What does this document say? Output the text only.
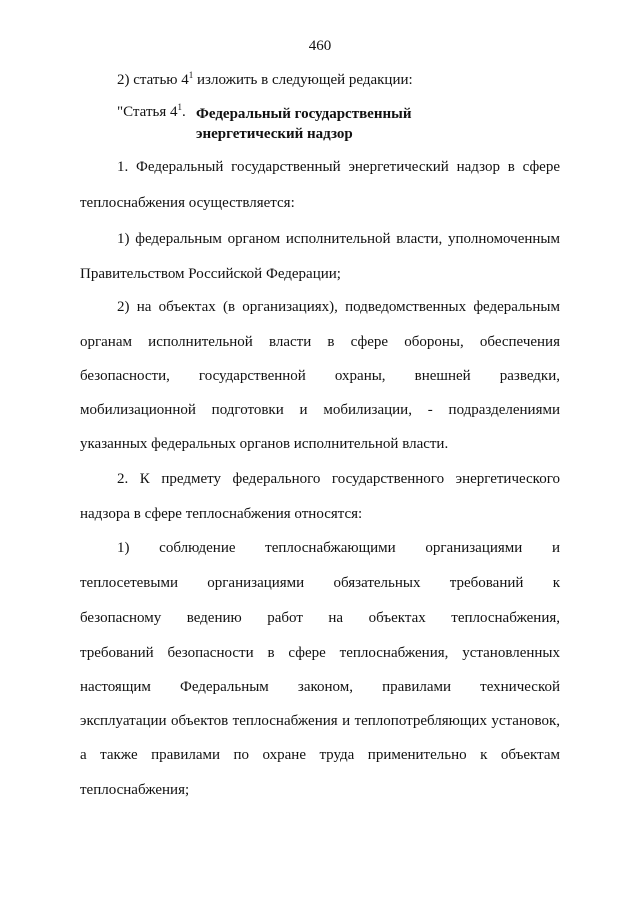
460
2) статью $4^1$ изложить в следующей редакции:
"Статья $4^1$. Федеральный государственный
энергетический надзор
1. Федеральный государственный энергетический надзор в сфере
теплоснабжения осуществляется:
1) федеральным органом исполнительной власти, уполномоченным
Правительством Российской Федерации;
2) на объектах (в организациях), подведомственных федеральным
органам исполнительной власти в сфере обороны, обеспечения
безопасности, государственной охраны, внешней разведки,
мобилизационной подготовки и мобилизации, - подразделениями
указанных федеральных органов исполнительной власти.
2. К предмету федерального государственного энергетического
надзора в сфере теплоснабжения относятся:
1) соблюдение теплоснабжающими организациями и
теплосетевыми организациями обязательных требований к
безопасному ведению работ на объектах теплоснабжения,
требований безопасности в сфере теплоснабжения, установленных
настоящим Федеральным законом, правилами технической
эксплуатации объектов теплоснабжения и теплопотребляющих установок,
а также правилами по охране труда применительно к объектам
теплоснабжения;
